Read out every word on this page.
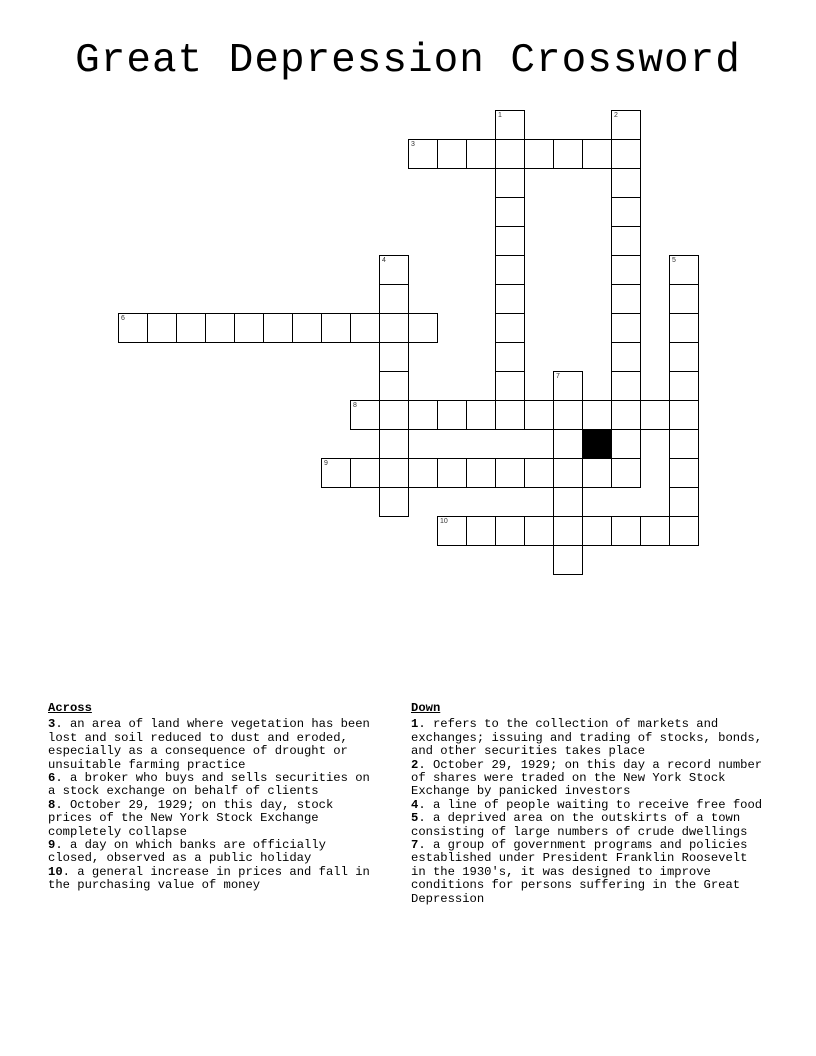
Great Depression Crossword
3
6
8
9
10
1	2
4	5
7
Across
3. an area of land where vegetation has been lost and soil reduced to dust and eroded, especially as a consequence of drought or unsuitable farming practice
6. a broker who buys and sells securities on a stock exchange on behalf of clients
8. October 29, 1929; on this day, stock prices of the New York Stock Exchange completely collapse
9. a day on which banks are officially closed, observed as a public holiday
10. a general increase in prices and fall in the purchasing value of money
Down
1. refers to the collection of markets and exchanges; issuing and trading of stocks, bonds, and other securities takes place
2. October 29, 1929; on this day a record number of shares were traded on the New York Stock Exchange by panicked investors
4. a line of people waiting to receive free food
5. a deprived area on the outskirts of a town consisting of large numbers of crude dwellings
7. a group of government programs and policies established under President Franklin Roosevelt in the 1930's, it was designed to improve conditions for persons suffering in the Great Depression
